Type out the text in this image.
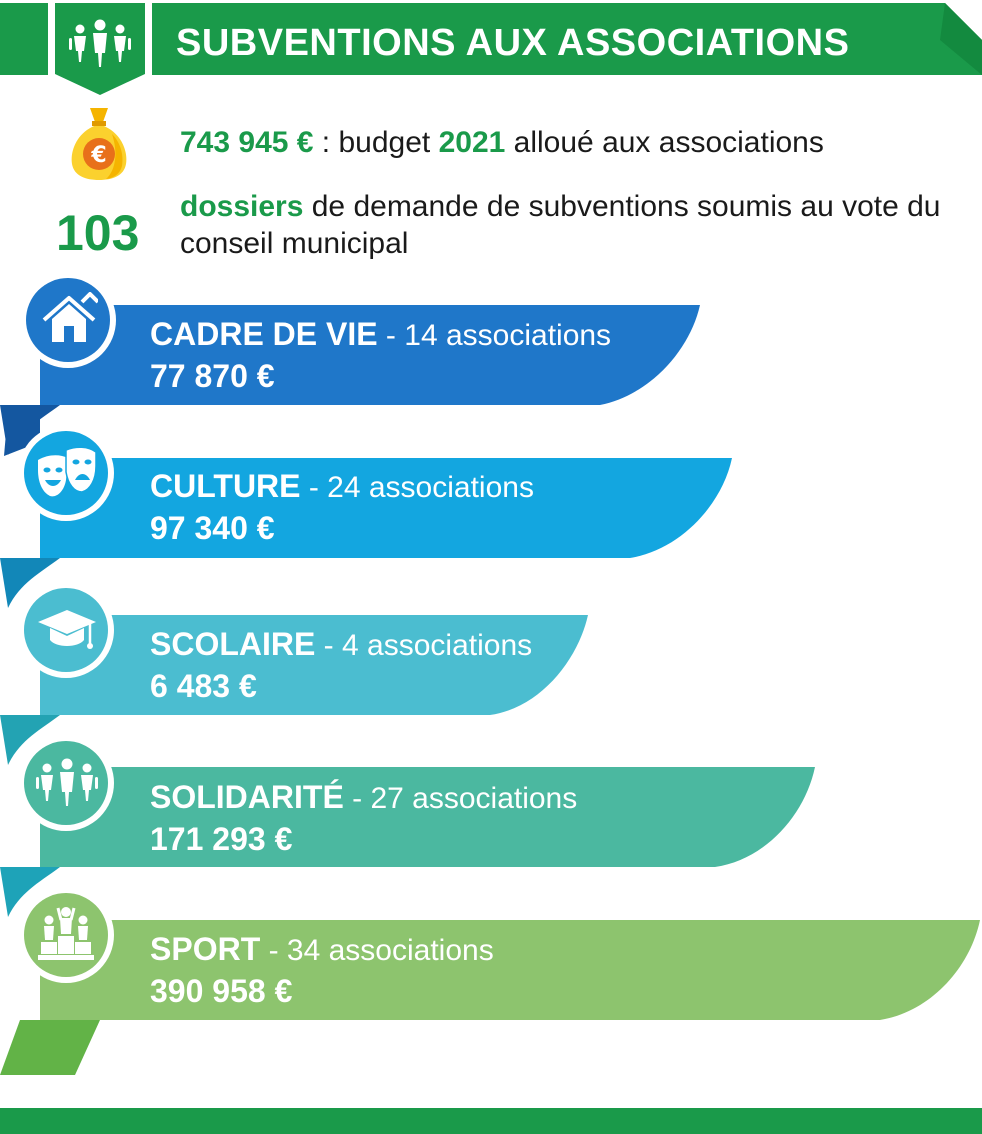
€
SUBVENTIONS AUX ASSOCIATIONS
743 945 € : budget 2021 alloué aux associations
103	dossiers de demande de subventions soumis au vote du conseil municipal
CADRE DE VIE - 14 associations
77 870 €
CULTURE - 24 associations
97 340 €
SCOLAIRE - 4 associations
6 483 €
SOLIDARITÉ - 27 associations
171 293 €
SPORT - 34 associations
390 958 €
